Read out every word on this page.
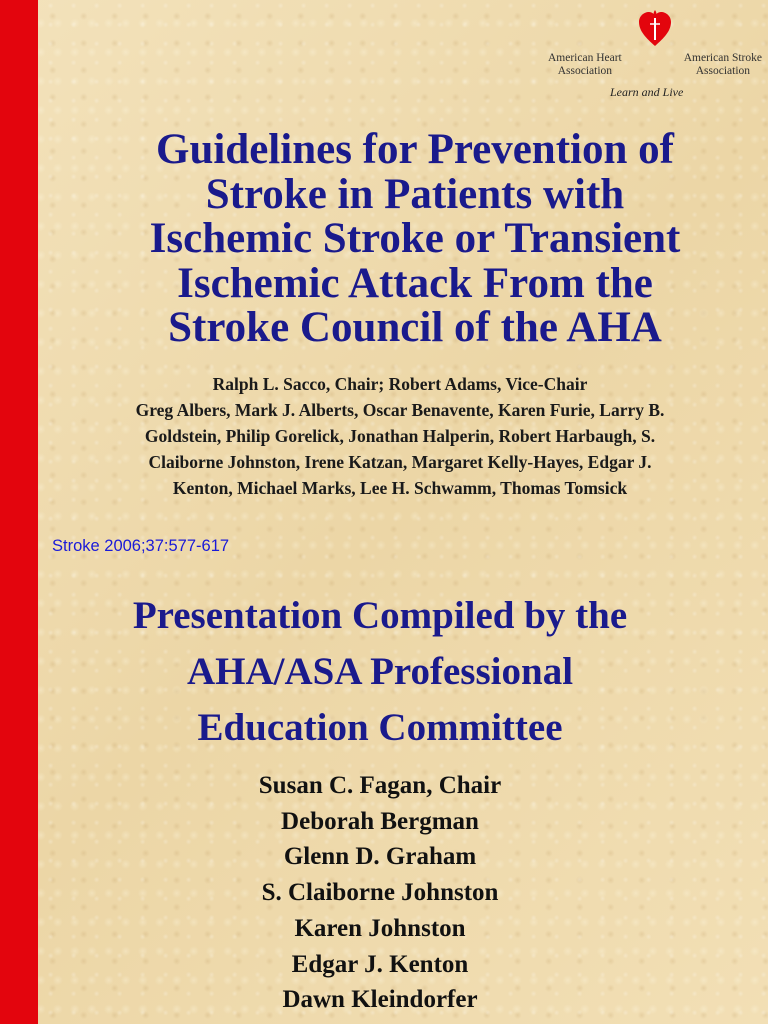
American Heart
Association
American Stroke
Association
Learn and Live
Guidelines for Prevention of
Stroke in Patients with
Ischemic Stroke or Transient
Ischemic Attack From the
Stroke Council of the AHA
Ralph L. Sacco, Chair; Robert Adams, Vice-Chair
Greg Albers, Mark J. Alberts, Oscar Benavente, Karen Furie, Larry B.
Goldstein, Philip Gorelick, Jonathan Halperin, Robert Harbaugh, S.
Claiborne Johnston, Irene Katzan, Margaret Kelly-Hayes, Edgar J.
Kenton, Michael Marks, Lee H. Schwamm, Thomas Tomsick
Stroke 2006;37:577-617
Presentation Compiled by the
AHA/ASA Professional
Education Committee
Susan C. Fagan, Chair
Deborah Bergman
Glenn D. Graham
S. Claiborne Johnston
Karen Johnston
Edgar J. Kenton
Dawn Kleindorfer
